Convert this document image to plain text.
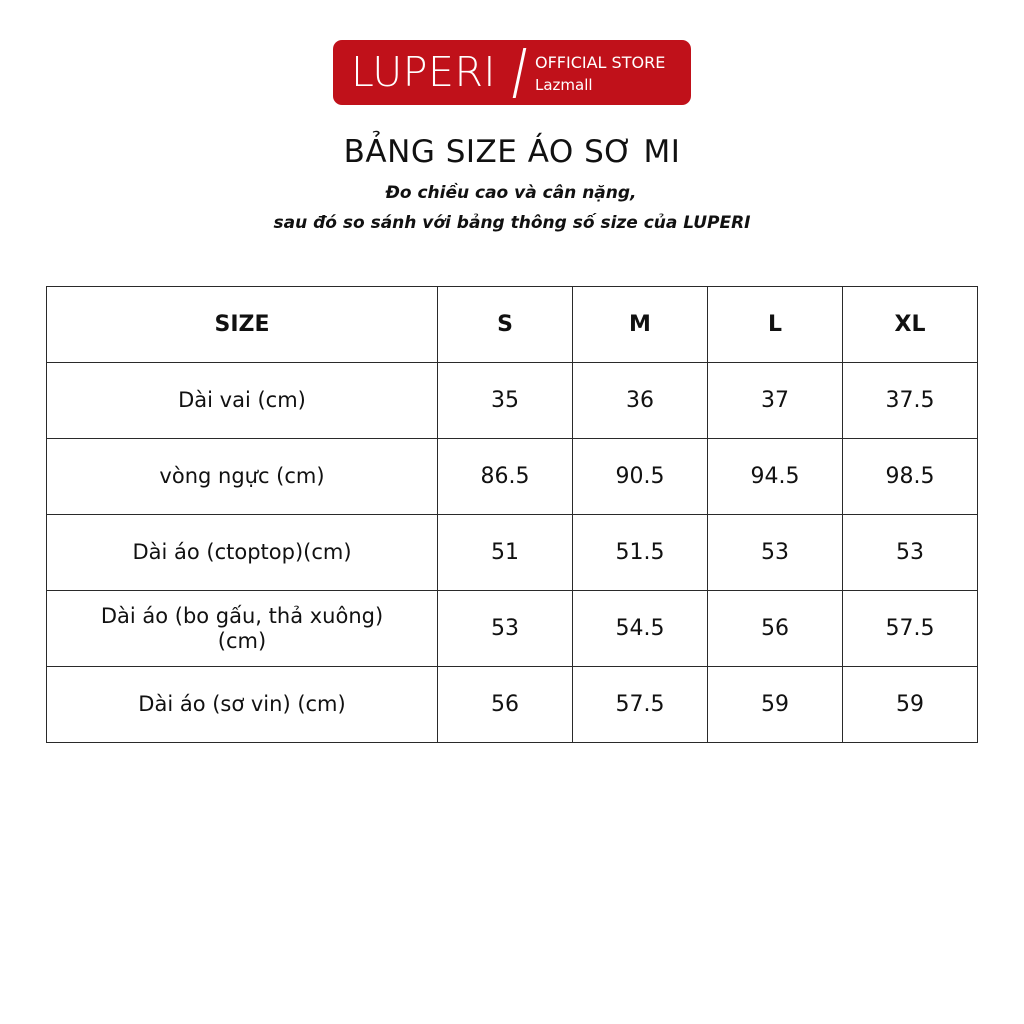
LUPERI OFFICIAL STORE
Lazmall
BẢNG SIZE ÁO SƠ MI
Đo chiều cao và cân nặng,
sau đó so sánh với bảng thông số size của LUPERI
SIZE	S	M	L	XL
Dài vai (cm)	35	36	37	37.5
vòng ngực (cm)	86.5	90.5	94.5	98.5
Dài áo (ctoptop)(cm)	51	51.5	53	53
Dài áo (bo gấu, thả xuông)
(cm)	53	54.5	56	57.5
Dài áo (sơ vin) (cm)	56	57.5	59	59
